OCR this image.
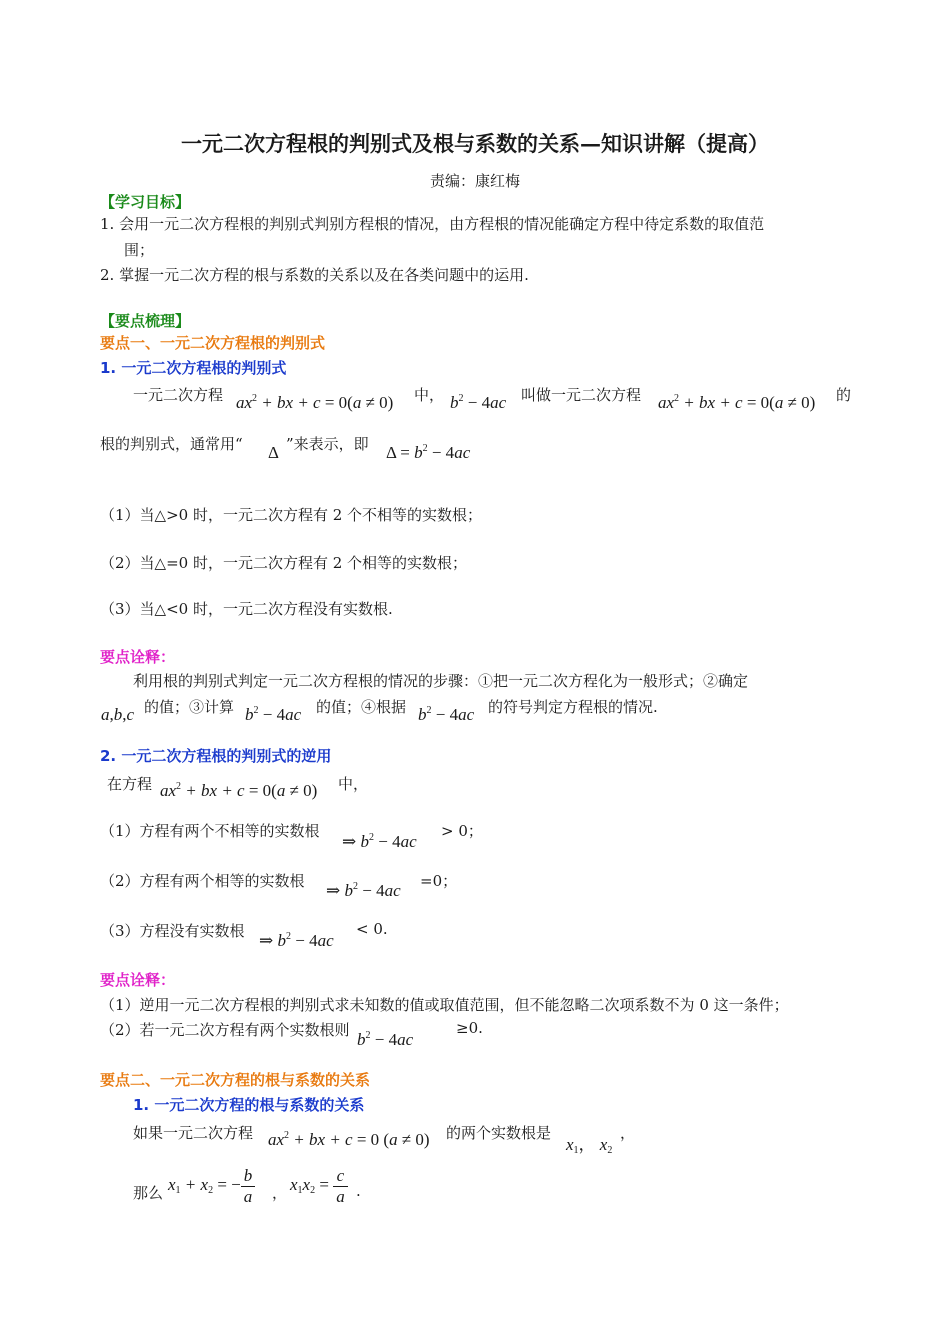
一元二次方程根的判别式及根与系数的关系—知识讲解（提高）
责编：康红梅
【学习目标】
1. 会用一元二次方程根的判别式判别方程根的情况，由方程根的情况能确定方程中待定系数的取值范
围；
2. 掌握一元二次方程的根与系数的关系以及在各类问题中的运用.
【要点梳理】
要点一、一元二次方程根的判别式
1. 一元二次方程根的判别式
一元二次方程 $ax^2$ + bx + c = 0(a ≠ 0) 中， $b^2 - 4ac$ 叫做一元二次方程 $ax^2$ + bx + c = 0(a ≠ 0) 的
根的判别式，通常用“ Δ ”来表示，即 $\Delta = b^2 - 4ac$
（1）当△>0 时，一元二次方程有 2 个不相等的实数根；
（2）当△=0 时，一元二次方程有 2 个相等的实数根；
（3）当△<0 时，一元二次方程没有实数根.
要点诠释：
利用根的判别式判定一元二次方程根的情况的步骤：①把一元二次方程化为一般形式；②确定
a,b,c 的值；③计算 $b^2 - 4ac$ 的值；④根据 $b^2 - 4ac$ 的符号判定方程根的情况.
2. 一元二次方程根的判别式的逆用
在方程 $ax^2$ + bx + c = 0(a ≠ 0) 中，
（1）方程有两个不相等的实数根
⇒ $b^2 - 4ac$
> 0；
（2）方程有两个相等的实数根 ⇒ $b^2 - 4ac =0$；
（3）方程没有实数根 ⇒ $b^2 - 4ac$
< 0.
要点诠释：
（1）逆用一元二次方程根的判别式求未知数的值或取值范围，但不能忽略二次项系数不为 0 这一条件；
（2）若一元二次方程有两个实数根则 $b^2 - 4ac$
≥0.
要点二、一元二次方程的根与系数的关系
1. 一元二次方程的根与系数的关系
如果一元二次方程 $ax^2$ + bx + c = 0 (a ≠ 0) 的两个实数根是
$x_1$， $x_2$
，
那么 $x_1 + x_2$ = − $\frac{b}{a}$ ， $x_1x_2 = \frac{c}{a}$ .
